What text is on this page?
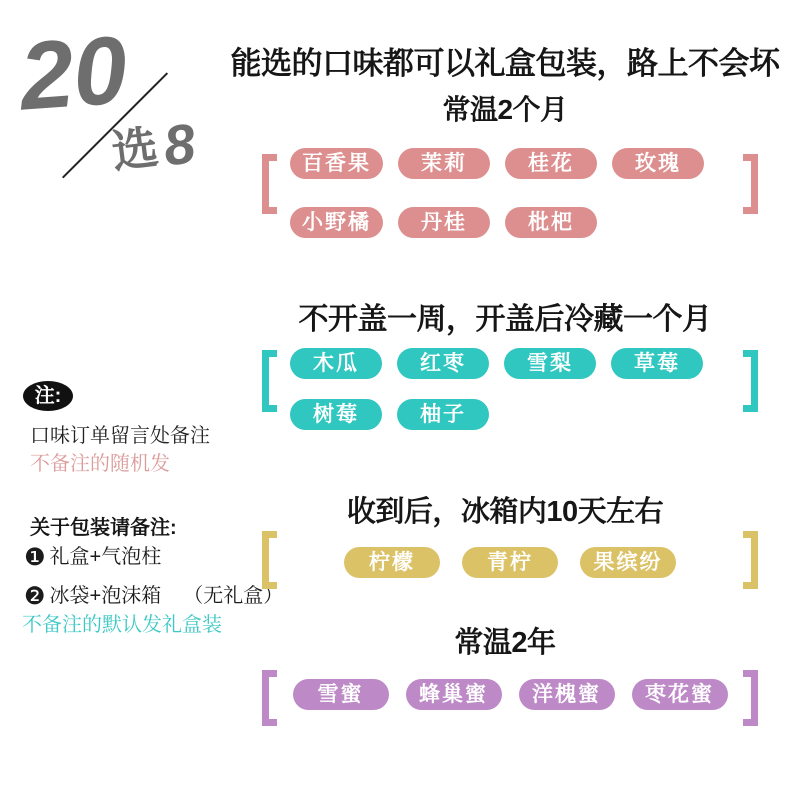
20
选8
能选的口味都可以礼盒包装，路上不会坏
常温2个月
百香果	茉莉	桂花	玫瑰
小野橘	丹桂	枇杷
不开盖一周，开盖后冷藏一个月
木瓜	红枣	雪梨	草莓
树莓	柚子
注:
口味订单留言处备注
不备注的随机发
关于包装请备注:
❶ 礼盒+气泡柱
❷ 冰袋+泡沫箱 （无礼盒）
不备注的默认发礼盒装
收到后，冰箱内10天左右
柠檬	青柠	果缤纷
常温2年
雪蜜	蜂巢蜜	洋槐蜜	枣花蜜
